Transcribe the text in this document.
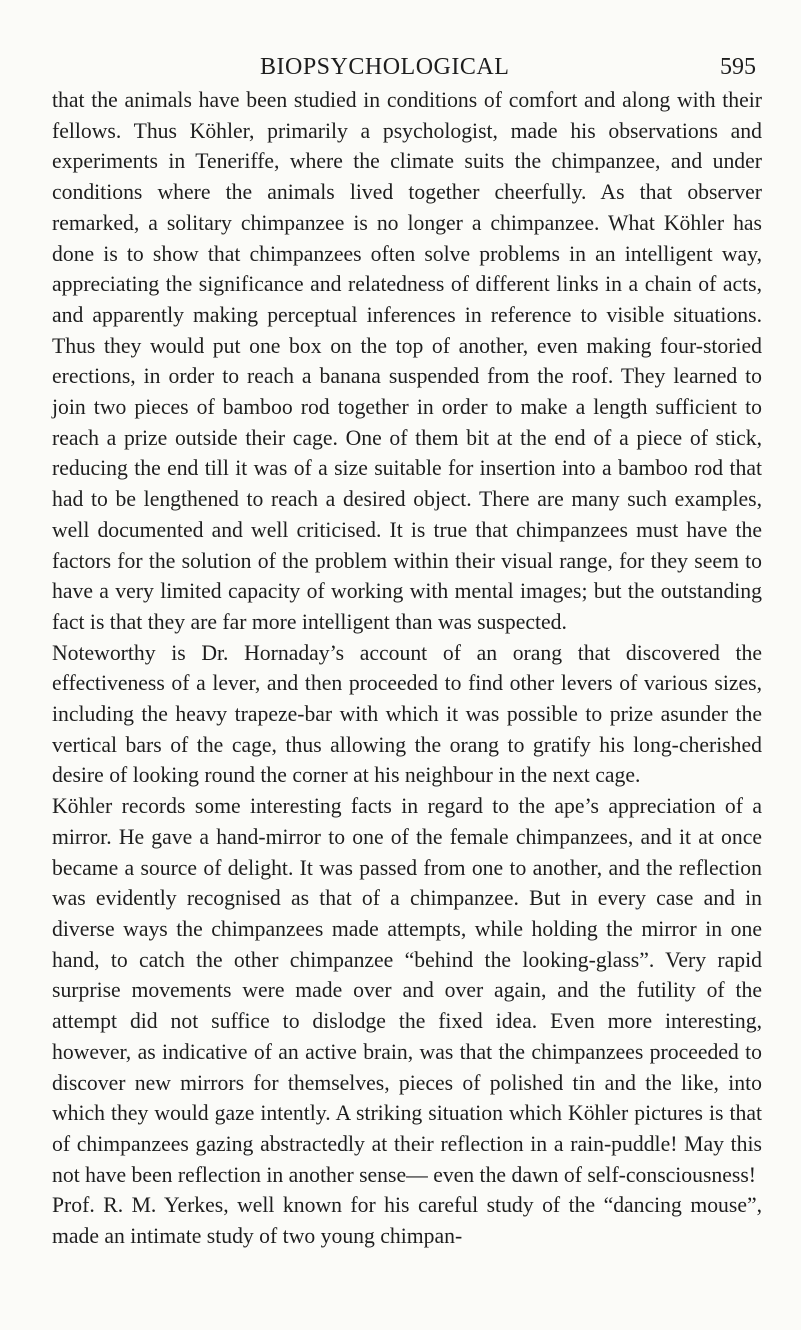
BIOPSYCHOLOGICAL	595

that the animals have been studied in conditions of comfort and along with their fellows. Thus Köhler, primarily a psychologist, made his observations and experiments in Teneriffe, where the climate suits the chimpanzee, and under conditions where the animals lived together cheerfully. As that observer remarked, a solitary chimpanzee is no longer a chimpanzee. What Köhler has done is to show that chimpanzees often solve problems in an intelligent way, appreciating the significance and relatedness of different links in a chain of acts, and apparently making perceptual inferences in reference to visible situations. Thus they would put one box on the top of another, even making four-storied erections, in order to reach a banana suspended from the roof. They learned to join two pieces of bamboo rod together in order to make a length sufficient to reach a prize outside their cage. One of them bit at the end of a piece of stick, reducing the end till it was of a size suitable for insertion into a bamboo rod that had to be lengthened to reach a desired object. There are many such examples, well documented and well criticised. It is true that chimpanzees must have the factors for the solution of the problem within their visual range, for they seem to have a very limited capacity of working with mental images; but the outstanding fact is that they are far more intelligent than was suspected.

Noteworthy is Dr. Hornaday’s account of an orang that discovered the effectiveness of a lever, and then proceeded to find other levers of various sizes, including the heavy trapeze-bar with which it was possible to prize asunder the vertical bars of the cage, thus allowing the orang to gratify his long-cherished desire of looking round the corner at his neighbour in the next cage.

Köhler records some interesting facts in regard to the ape’s appreciation of a mirror. He gave a hand-mirror to one of the female chimpanzees, and it at once became a source of delight. It was passed from one to another, and the reflection was evidently recognised as that of a chimpanzee. But in every case and in diverse ways the chimpanzees made attempts, while holding the mirror in one hand, to catch the other chimpanzee “behind the looking-glass”. Very rapid surprise movements were made over and over again, and the futility of the attempt did not suffice to dislodge the fixed idea. Even more interesting, however, as indicative of an active brain, was that the chimpanzees proceeded to discover new mirrors for themselves, pieces of polished tin and the like, into which they would gaze intently. A striking situation which Köhler pictures is that of chimpanzees gazing abstractedly at their reflection in a rain-puddle! May this not have been reflection in another sense— even the dawn of self-consciousness!

Prof. R. M. Yerkes, well known for his careful study of the “dancing mouse”, made an intimate study of two young chimpan-
